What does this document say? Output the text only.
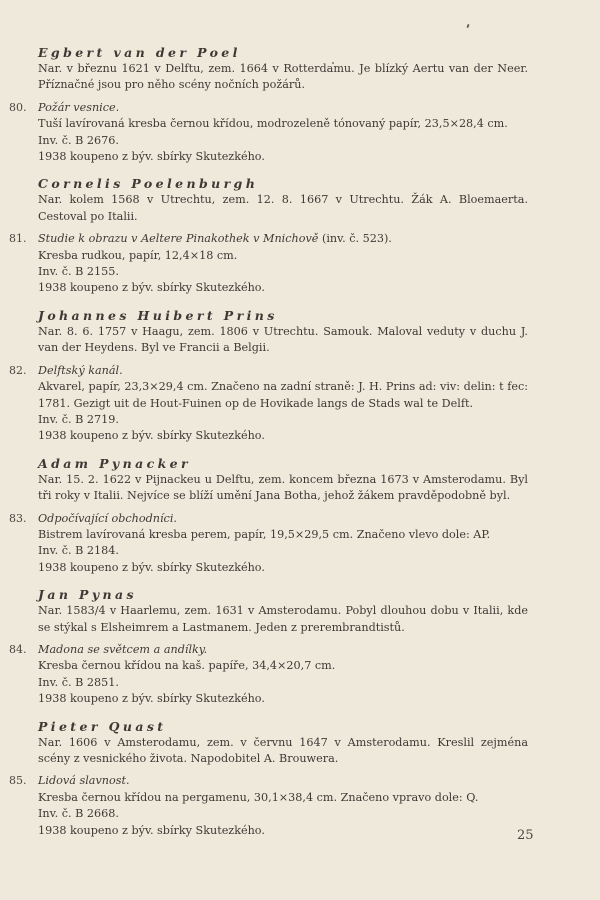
Egbert van der Poel
Nar. v březnu 1621 v Delftu, zem. 1664 v Rotterdamu. Je blízký Aertu van der Neer. Příznačné jsou pro něho scény nočních požárů.
80.	Požár vesnice.
Tuší lavírovaná kresba černou křídou, modrozeleně tónovaný papír, 23,5×28,4 cm.
Inv. č. B 2676.
1938 koupeno z býv. sbírky Skutezkého.
Cornelis Poelenburgh
Nar. kolem 1568 v Utrechtu, zem. 12. 8. 1667 v Utrechtu. Žák A. Bloemaerta. Cestoval po Italii.
81.	Studie k obrazu v Aeltere Pinakothek v Mnichově (inv. č. 523).
Kresba rudkou, papír, 12,4×18 cm.
Inv. č. B 2155.
1938 koupeno z býv. sbírky Skutezkého.
Johannes Huibert Prins
Nar. 8. 6. 1757 v Haagu, zem. 1806 v Utrechtu. Samouk. Maloval veduty v duchu J. van der Heydens. Byl ve Francii a Belgii.
82.	Delftský kanál.
Akvarel, papír, 23,3×29,4 cm. Značeno na zadní straně: J. H. Prins ad: viv: delin: t fec: 1781. Gezigt uit de Hout-Fuinen op de Hovikade langs de Stads wal te Delft.
Inv. č. B 2719.
1938 koupeno z býv. sbírky Skutezkého.
Adam Pynacker
Nar. 15. 2. 1622 v Pijnackeu u Delftu, zem. koncem března 1673 v Amsterodamu. Byl tři roky v Italii. Nejvíce se blíží umění Jana Botha, jehož žákem pravděpodobně byl.
83.	Odpočívající obchodníci.
Bistrem lavírovaná kresba perem, papír, 19,5×29,5 cm. Značeno vlevo dole: AP.
Inv. č. B 2184.
1938 koupeno z býv. sbírky Skutezkého.
Jan Pynas
Nar. 1583/4 v Haarlemu, zem. 1631 v Amsterodamu. Pobyl dlouhou dobu v Italii, kde se stýkal s Elsheimrem a Lastmanem. Jeden z prerembrandtistů.
84.	Madona se světcem a andílky.
Kresba černou křídou na kaš. papíře, 34,4×20,7 cm.
Inv. č. B 2851.
1938 koupeno z býv. sbírky Skutezkého.
Pieter Quast
Nar. 1606 v Amsterodamu, zem. v červnu 1647 v Amsterodamu. Kreslil zejména scény z vesnického života. Napodobitel A. Brouwera.
85.	Lidová slavnost.
Kresba černou křídou na pergamenu, 30,1×38,4 cm. Značeno vpravo dole: Q.
Inv. č. B 2668.
1938 koupeno z býv. sbírky Skutezkého.	25
